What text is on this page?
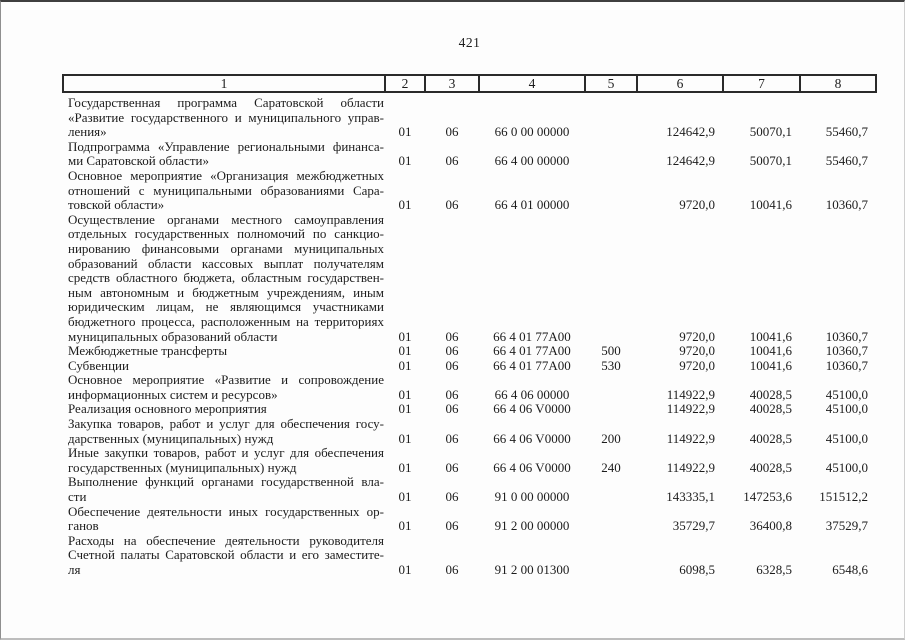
421
1	2	3	4	5	6	7	8

Государственная программа Саратовской области
«Развитие государственного и муниципального управ-
ления»	01	06	66 0 00 00000		124642,9	50070,1	55460,7

Подпрограмма «Управление региональными финанса-
ми Саратовской области»	01	06	66 4 00 00000		124642,9	50070,1	55460,7

Основное мероприятие «Организация межбюджетных
отношений с муниципальными образованиями Сара-
товской области»	01	06	66 4 01 00000		9720,0	10041,6	10360,7

Осуществление органами местного самоуправления
отдельных государственных полномочий по санкцио-
нированию финансовыми органами муниципальных
образований области кассовых выплат получателям
средств областного бюджета, областным государствен-
ным автономным и бюджетным учреждениям, иным
юридическим лицам, не являющимся участниками
бюджетного процесса, расположенным на территориях
муниципальных образований области	01	06	66 4 01 77A00		9720,0	10041,6	10360,7

Межбюджетные трансферты	01	06	66 4 01 77A00	500	9720,0	10041,6	10360,7

Субвенции	01	06	66 4 01 77A00	530	9720,0	10041,6	10360,7

Основное мероприятие «Развитие и сопровождение
информационных систем и ресурсов»	01	06	66 4 06 00000		114922,9	40028,5	45100,0

Реализация основного мероприятия	01	06	66 4 06 V0000		114922,9	40028,5	45100,0

Закупка товаров, работ и услуг для обеспечения госу-
дарственных (муниципальных) нужд	01	06	66 4 06 V0000	200	114922,9	40028,5	45100,0

Иные закупки товаров, работ и услуг для обеспечения
государственных (муниципальных) нужд	01	06	66 4 06 V0000	240	114922,9	40028,5	45100,0

Выполнение функций органами государственной вла-
сти	01	06	91 0 00 00000		143335,1	147253,6	151512,2

Обеспечение деятельности иных государственных ор-
ганов	01	06	91 2 00 00000		35729,7	36400,8	37529,7

Расходы на обеспечение деятельности руководителя
Счетной палаты Саратовской области и его заместите-
ля	01	06	91 2 00 01300		6098,5	6328,5	6548,6
